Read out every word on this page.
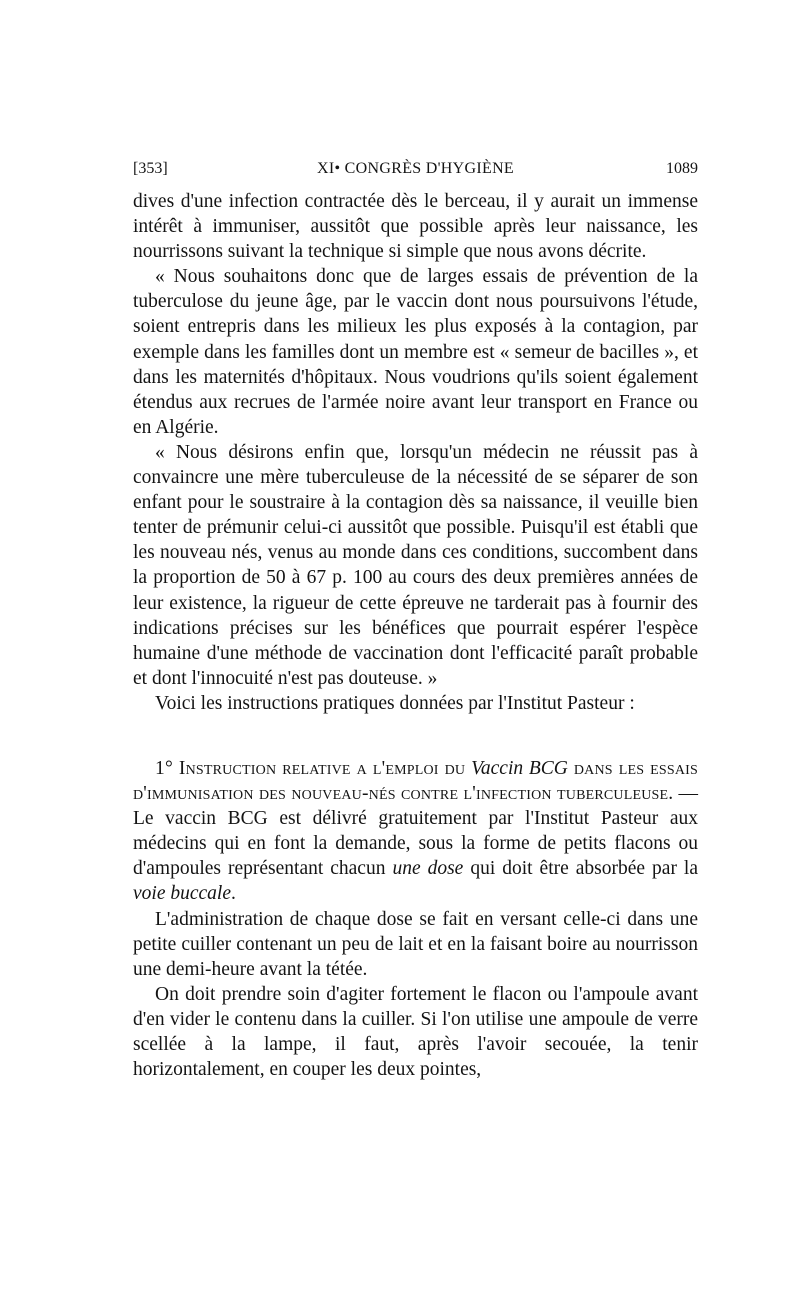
[353]	XI• CONGRÈS D'HYGIÈNE	1089

dives d'une infection contractée dès le berceau, il y aurait un immense intérêt à immuniser, aussitôt que possible après leur naissance, les nourrissons suivant la technique si simple que nous avons décrite.

« Nous souhaitons donc que de larges essais de prévention de la tuberculose du jeune âge, par le vaccin dont nous poursuivons l'étude, soient entrepris dans les milieux les plus exposés à la contagion, par exemple dans les familles dont un membre est « semeur de bacilles », et dans les maternités d'hôpitaux. Nous voudrions qu'ils soient également étendus aux recrues de l'armée noire avant leur transport en France ou en Algérie.

« Nous désirons enfin que, lorsqu'un médecin ne réussit pas à convaincre une mère tuberculeuse de la nécessité de se séparer de son enfant pour le soustraire à la contagion dès sa naissance, il veuille bien tenter de prémunir celui-ci aussitôt que possible. Puisqu'il est établi que les nouveau nés, venus au monde dans ces conditions, succombent dans la proportion de 50 à 67 p. 100 au cours des deux premières années de leur existence, la rigueur de cette épreuve ne tarderait pas à fournir des indications précises sur les bénéfices que pourrait espérer l'espèce humaine d'une méthode de vaccination dont l'efficacité paraît probable et dont l'innocuité n'est pas douteuse. »

Voici les instructions pratiques données par l'Institut Pasteur :

1° Instruction relative a l'emploi du Vaccin BCG dans les essais d'immunisation des nouveau-nés contre l'infection tuberculeuse. — Le vaccin BCG est délivré gratuitement par l'Institut Pasteur aux médecins qui en font la demande, sous la forme de petits flacons ou d'ampoules représentant chacun une dose qui doit être absorbée par la voie buccale.

L'administration de chaque dose se fait en versant celle-ci dans une petite cuiller contenant un peu de lait et en la faisant boire au nourrisson une demi-heure avant la tétée.

On doit prendre soin d'agiter fortement le flacon ou l'ampoule avant d'en vider le contenu dans la cuiller. Si l'on utilise une ampoule de verre scellée à la lampe, il faut, après l'avoir secouée, la tenir horizontalement, en couper les deux pointes,
